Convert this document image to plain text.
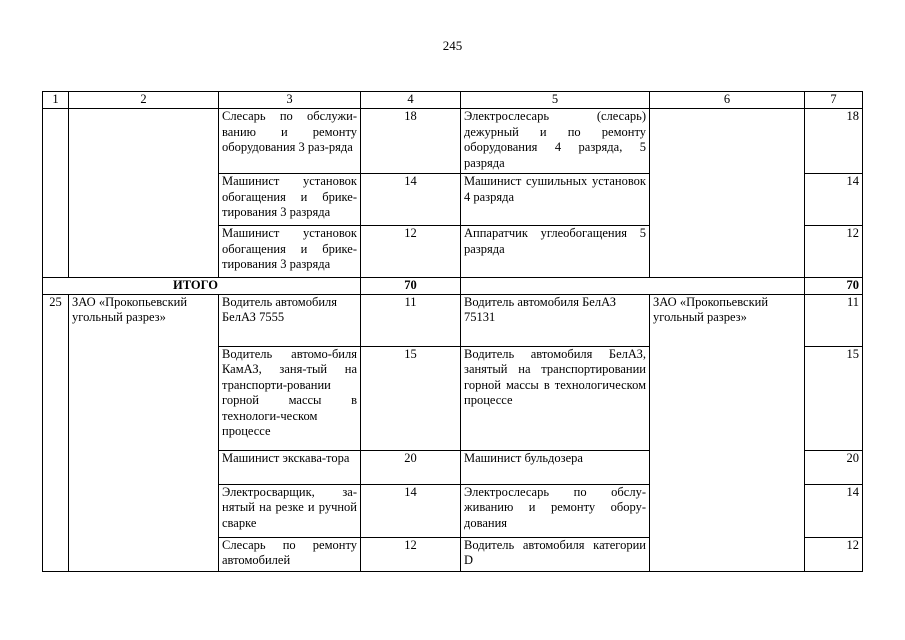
245
1	2	3	4	5	6	7
		Слесарь по обслужи-ванию и ремонту оборудования 3 раз-ряда	18	Электрослесарь (слесарь) дежурный и по ремонту оборудования 4 разряда, 5 разряда		18
		Машинист установок обогащения и брике-тирования 3 разряда	14	Машинист сушильных установок 4 разряда		14
		Машинист установок обогащения и брике-тирования 3 разряда	12	Аппаратчик углеобогащения 5 разряда		12
ИТОГО			70			70
25	ЗАО «Прокопьевский угольный разрез»	Водитель автомобиля БелАЗ 7555	11	Водитель автомобиля БелАЗ 75131	ЗАО «Прокопьевский угольный разрез»	11
		Водитель автомо-биля КамАЗ, заня-тый на транспорти-ровании горной массы в технологи-ческом процессе	15	Водитель автомобиля БелАЗ, занятый на транспортировании горной массы в технологическом процессе		15
		Машинист экскава-тора	20	Машинист бульдозера		20
		Электросварщик, за-нятый на резке и ручной сварке	14	Электрослесарь по обслу-живанию и ремонту обору-дования		14
		Слесарь по ремонту автомобилей	12	Водитель автомобиля категории D		12
